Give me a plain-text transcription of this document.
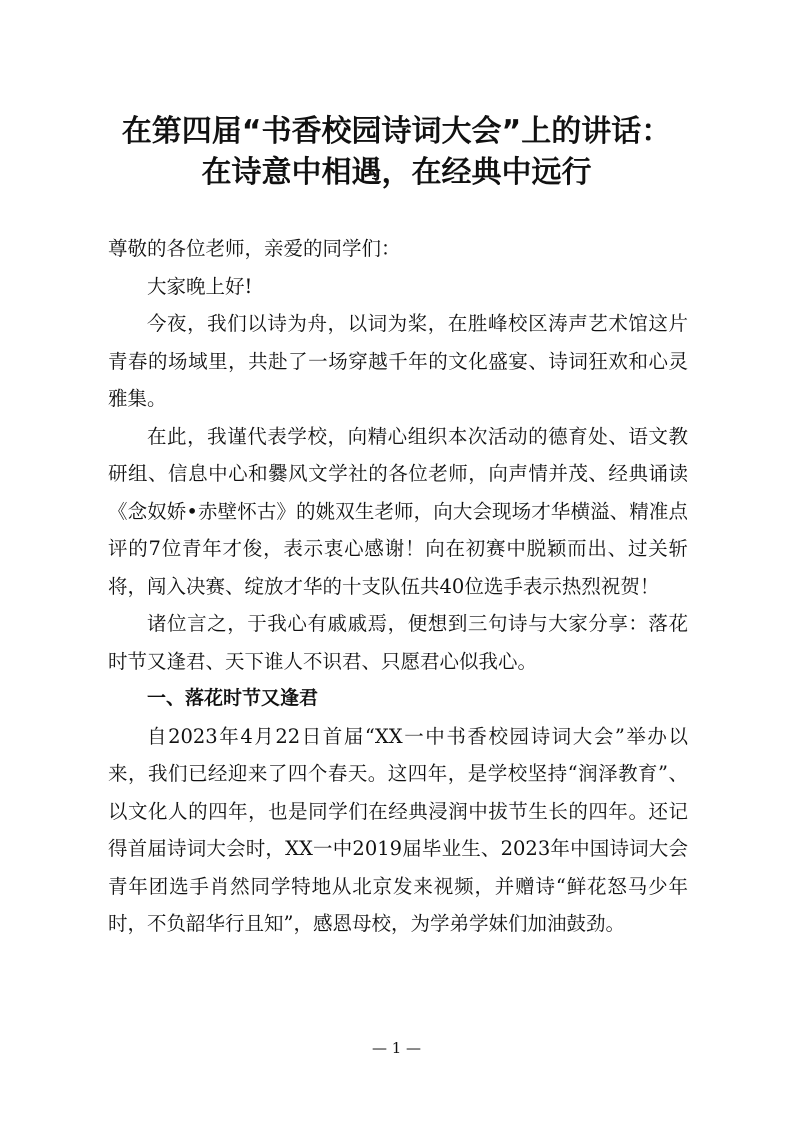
在第四届“书香校园诗词大会”上的讲话：
在诗意中相遇，在经典中远行

尊敬的各位老师，亲爱的同学们：

大家晚上好!

今夜，我们以诗为舟，以词为桨，在胜峰校区涛声艺术馆这片青春的场域里，共赴了一场穿越千年的文化盛宴、诗词狂欢和心灵雅集。

在此，我谨代表学校，向精心组织本次活动的德育处、语文教研组、信息中心和爨风文学社的各位老师，向声情并茂、经典诵读《念奴娇•赤壁怀古》的姚双生老师，向大会现场才华横溢、精准点评的7位青年才俊，表示衷心感谢！向在初赛中脱颖而出、过关斩将，闯入决赛、绽放才华的十支队伍共40位选手表示热烈祝贺！

诸位言之，于我心有戚戚焉，便想到三句诗与大家分享：落花时节又逢君、天下谁人不识君、只愿君心似我心。

一、落花时节又逢君

自2023年4月22日首届“XX一中书香校园诗词大会”举办以来，我们已经迎来了四个春天。这四年，是学校坚持“润泽教育”、以文化人的四年，也是同学们在经典浸润中拔节生长的四年。还记得首届诗词大会时，XX一中2019届毕业生、2023年中国诗词大会青年团选手肖然同学特地从北京发来视频，并赠诗“鲜花怒马少年时，不负韶华行且知”，感恩母校，为学弟学妹们加油鼓劲。

— 1 —
